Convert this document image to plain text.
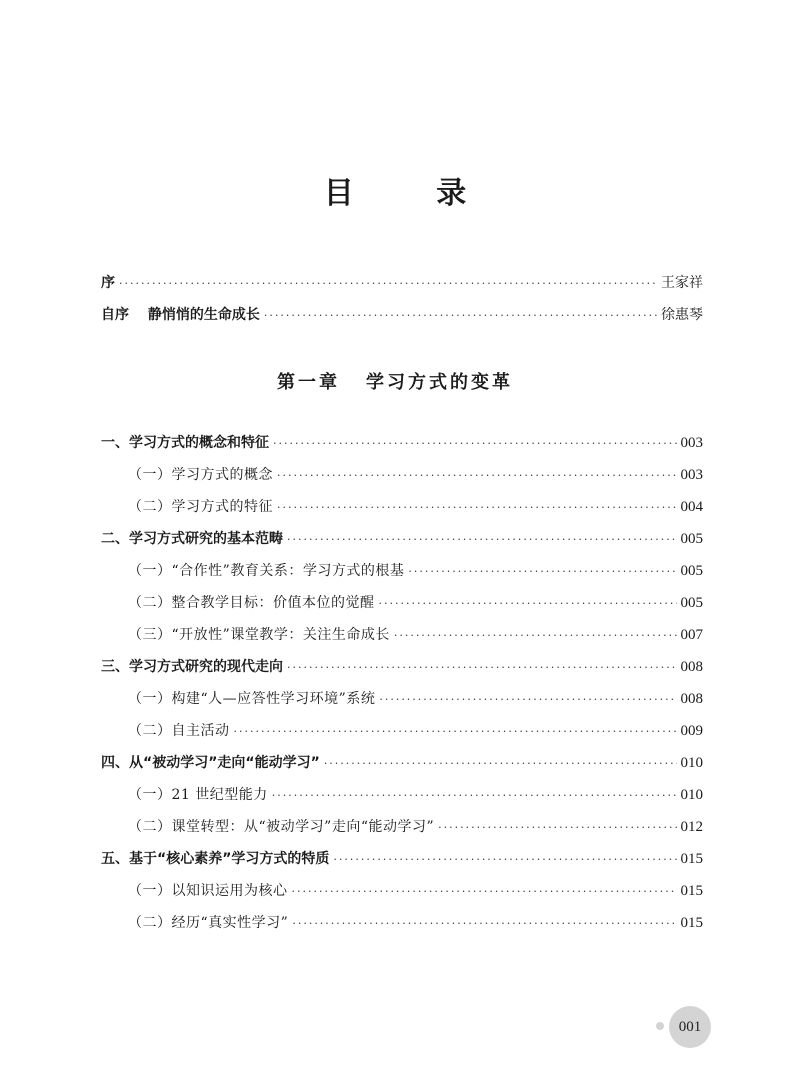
目 录
序 ·····	王家祥
自序　 静悄悄的生命成长 ·····	徐惠琴
第一章 学习方式的变革
一、学习方式的概念和特征 ·····	003
（一）学习方式的概念 ·····	003
（二）学习方式的特征 ·····	004
二、学习方式研究的基本范畴 ·····	005
（一）“合作性”教育关系：学习方式的根基 ·····	005
（二）整合教学目标：价值本位的觉醒 ·····	005
（三）“开放性”课堂教学：关注生命成长 ·····	007
三、学习方式研究的现代走向 ·····	008
（一）构建“人—应答性学习环境”系统 ·····	008
（二）自主活动 ·····	009
四、从“被动学习”走向“能动学习” ·····	010
（一）21 世纪型能力 ·····	010
（二）课堂转型：从“被动学习”走向“能动学习” ·····	012
五、基于“核心素养”学习方式的特质 ·····	015
（一）以知识运用为核心 ·····	015
（二）经历“真实性学习” ·····	015
001
